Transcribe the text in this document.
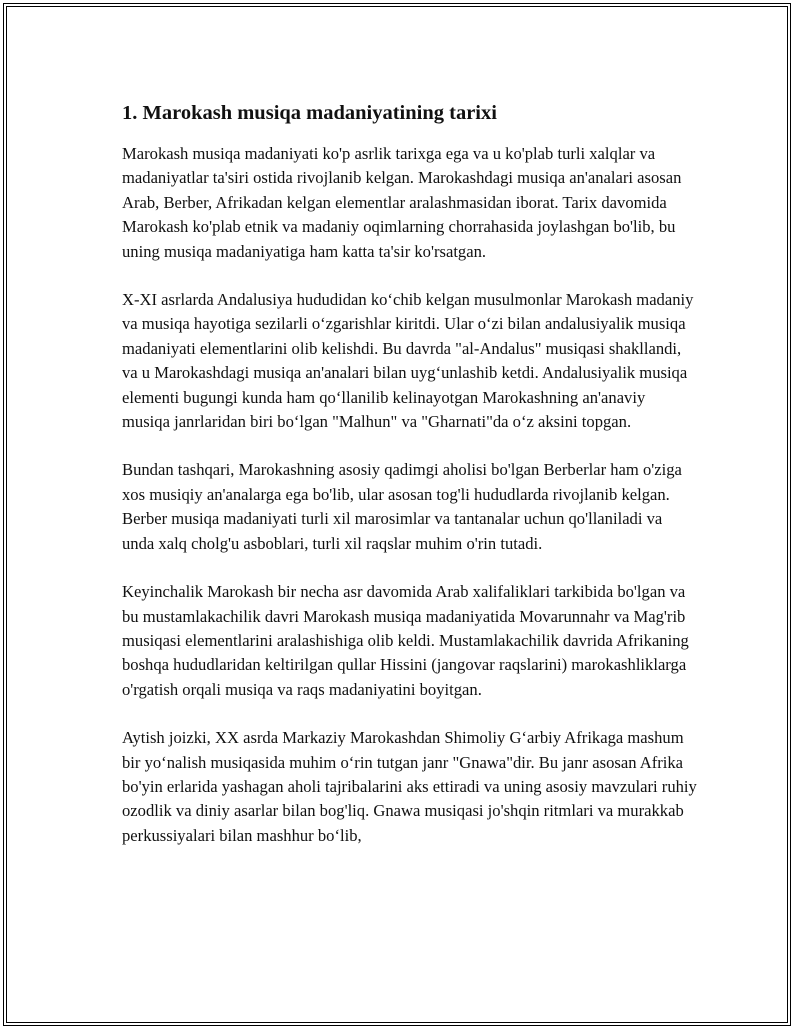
1. Marokash musiqa madaniyatining tarixi

Marokash musiqa madaniyati ko'p asrlik tarixga ega va u ko'plab turli xalqlar va madaniyatlar ta'siri ostida rivojlanib kelgan. Marokashdagi musiqa an'analari asosan Arab, Berber, Afrikadan kelgan elementlar aralashmasidan iborat. Tarix davomida Marokash ko'plab etnik va madaniy oqimlarning chorrahasida joylashgan bo'lib, bu uning musiqa madaniyatiga ham katta ta'sir ko'rsatgan.

X-XI asrlarda Andalusiya hududidan ko‘chib kelgan musulmonlar Marokash madaniy va musiqa hayotiga sezilarli o‘zgarishlar kiritdi. Ular o‘zi bilan andalusiyalik musiqa madaniyati elementlarini olib kelishdi. Bu davrda "al-Andalus" musiqasi shakllandi, va u Marokashdagi musiqa an'analari bilan uyg‘unlashib ketdi. Andalusiyalik musiqa elementi bugungi kunda ham qo‘llanilib kelinayotgan Marokashning an'anaviy musiqa janrlaridan biri bo‘lgan "Malhun" va "Gharnati"da o‘z aksini topgan.

Bundan tashqari, Marokashning asosiy qadimgi aholisi bo'lgan Berberlar ham o'ziga xos musiqiy an'analarga ega bo'lib, ular asosan tog'li hududlarda rivojlanib kelgan. Berber musiqa madaniyati turli xil marosimlar va tantanalar uchun qo'llaniladi va unda xalq cholg'u asboblari, turli xil raqslar muhim o'rin tutadi.

Keyinchalik Marokash bir necha asr davomida Arab xalifaliklari tarkibida bo'lgan va bu mustamlakachilik davri Marokash musiqa madaniyatida Movarunnahr va Mag'rib musiqasi elementlarini aralashishiga olib keldi. Mustamlakachilik davrida Afrikaning boshqa hududlaridan keltirilgan qullar Hissini (jangovar raqslarini) marokashliklarga o'rgatish orqali musiqa va raqs madaniyatini boyitgan.

Aytish joizki, XX asrda Markaziy Marokashdan Shimoliy G‘arbiy Afrikaga mashum bir yo‘nalish musiqasida muhim o‘rin tutgan janr "Gnawa"dir. Bu janr asosan Afrika bo'yin erlarida yashagan aholi tajribalarini aks ettiradi va uning asosiy mavzulari ruhiy ozodlik va diniy asarlar bilan bog'liq. Gnawa musiqasi jo'shqin ritmlari va murakkab perkussiyalari bilan mashhur bo‘lib,
